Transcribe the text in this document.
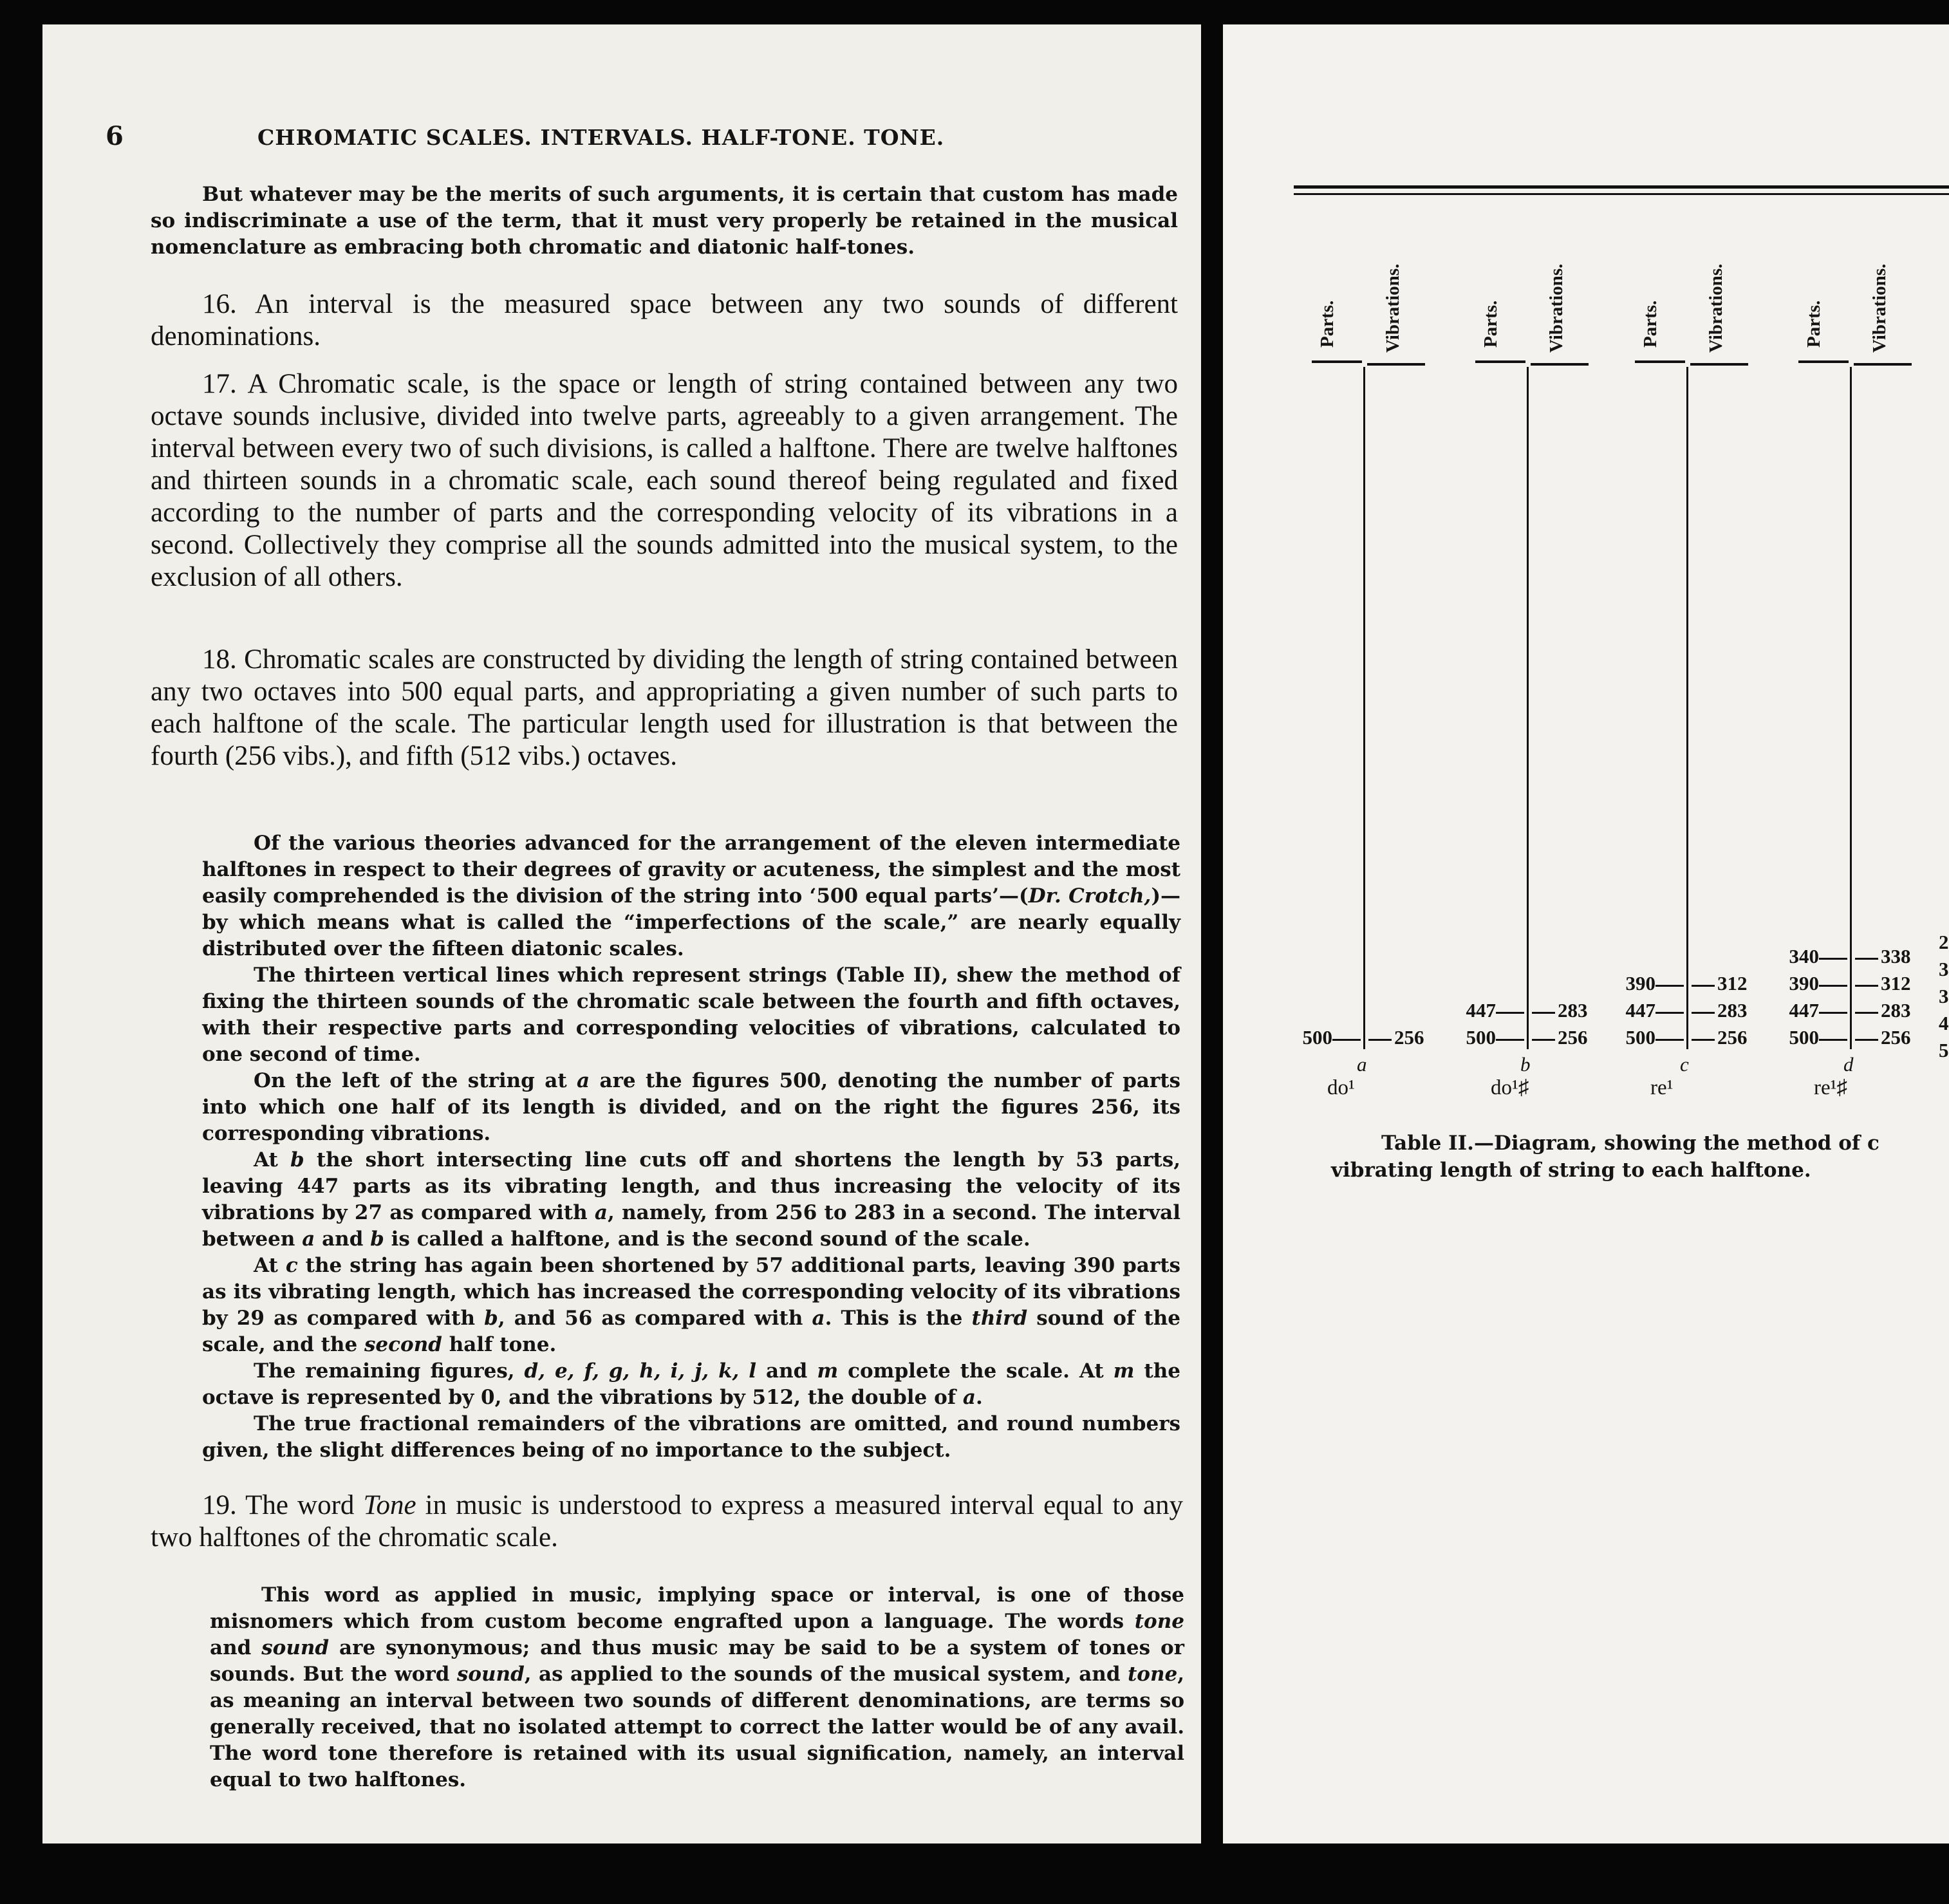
6	CHROMATIC SCALES. INTERVALS. HALF-TONE. TONE.

But whatever may be the merits of such arguments, it is certain that custom has made so indiscriminate a use of the term, that it must very properly be retained in the musical nomenclature as embracing both chromatic and diatonic half-tones.

16. An interval is the measured space between any two sounds of different denominations.

17. A Chromatic scale, is the space or length of string contained between any two octave sounds inclusive, divided into twelve parts, agreeably to a given arrangement. The interval between every two of such divisions, is called a halftone. There are twelve halftones and thirteen sounds in a chromatic scale, each sound thereof being regulated and fixed according to the number of parts and the corresponding velocity of its vibrations in a second. Collectively they comprise all the sounds admitted into the musical system, to the exclusion of all others.

18. Chromatic scales are constructed by dividing the length of string contained between any two octaves into 500 equal parts, and appropriating a given number of such parts to each halftone of the scale. The particular length used for illustration is that between the fourth (256 vibs.), and fifth (512 vibs.) octaves.

Of the various theories advanced for the arrangement of the eleven intermediate halftones in respect to their degrees of gravity or acuteness, the simplest and the most easily comprehended is the division of the string into ‘500 equal parts’—(Dr. Crotch,)—by which means what is called the “imperfections of the scale,” are nearly equally distributed over the fifteen diatonic scales.

The thirteen vertical lines which represent strings (Table II), shew the method of fixing the thirteen sounds of the chromatic scale between the fourth and fifth octaves, with their respective parts and corresponding velocities of vibrations, calculated to one second of time.

On the left of the string at a are the figures 500, denoting the number of parts into which one half of its length is divided, and on the right the figures 256, its corresponding vibrations.

At b the short intersecting line cuts off and shortens the length by 53 parts, leaving 447 parts as its vibrating length, and thus increasing the velocity of its vibrations by 27 as compared with a, namely, from 256 to 283 in a second. The interval between a and b is called a halftone, and is the second sound of the scale.

At c the string has again been shortened by 57 additional parts, leaving 390 parts as its vibrating length, which has increased the corresponding velocity of its vibrations by 29 as compared with b, and 56 as compared with a. This is the third sound of the scale, and the second half tone.

The remaining figures, d, e, f, g, h, i, j, k, l and m complete the scale. At m the octave is represented by 0, and the vibrations by 512, the double of a.

The true fractional remainders of the vibrations are omitted, and round numbers given, the slight differences being of no importance to the subject.

19. The word Tone in music is understood to express a measured interval equal to any two halftones of the chromatic scale.

This word as applied in music, implying space or interval, is one of those misnomers which from custom become engrafted upon a language. The words tone and sound are synonymous; and thus music may be said to be a system of tones or sounds. But the word sound, as applied to the sounds of the musical system, and tone, as meaning an interval between two sounds of different denominations, are terms so generally received, that no isolated attempt to correct the latter would be of any avail. The word tone therefore is retained with its usual signification, namely, an interval equal to two halftones.

Parts. Vibrations.
500	256
a
do¹
Parts. Vibrations.
447	283
500	256
b
do¹♯
Parts. Vibrations.
390	312
447	283
500	256
c
re¹
Parts. Vibrations.
340	338
390	312
447	283
500	256
d
re¹♯
2
3
3
4
5
Table II.—Diagram, showing the method of c
vibrating length of string to each halftone.
